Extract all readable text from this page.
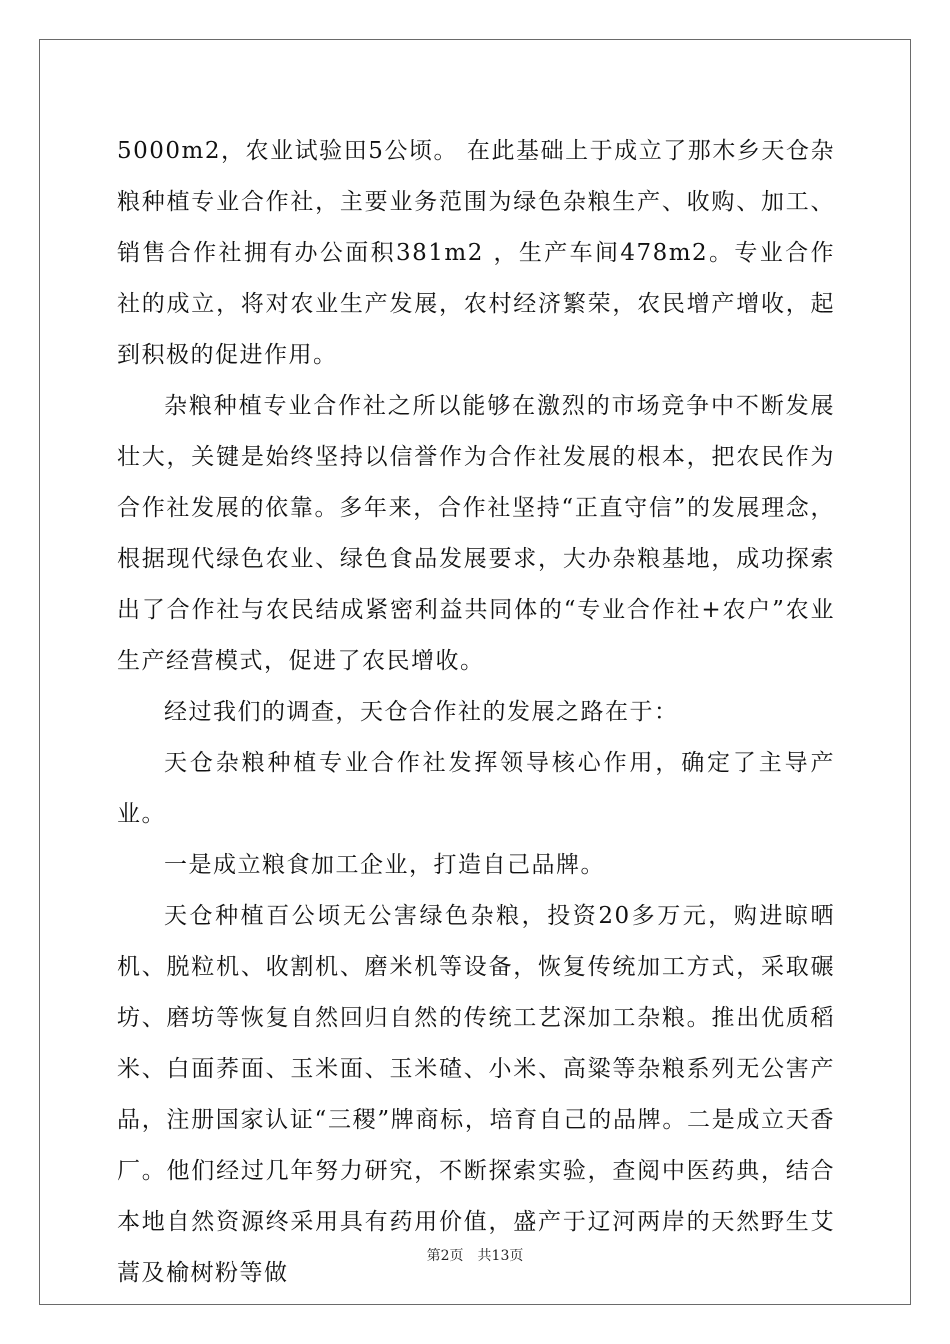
5000m2，农业试验田5公顷。 在此基础上于成立了那木乡天仓杂粮种植专业合作社，主要业务范围为绿色杂粮生产、收购、加工、销售合作社拥有办公面积381m2 ，生产车间478m2。专业合作社的成立，将对农业生产发展，农村经济繁荣，农民增产增收，起到积极的促进作用。

杂粮种植专业合作社之所以能够在激烈的市场竞争中不断发展壮大，关键是始终坚持以信誉作为合作社发展的根本，把农民作为合作社发展的依靠。多年来，合作社坚持“正直守信”的发展理念，根据现代绿色农业、绿色食品发展要求，大办杂粮基地，成功探索出了合作社与农民结成紧密利益共同体的“专业合作社+农户”农业生产经营模式，促进了农民增收。

经过我们的调查，天仓合作社的发展之路在于：

天仓杂粮种植专业合作社发挥领导核心作用，确定了主导产业。

一是成立粮食加工企业，打造自己品牌。

天仓种植百公顷无公害绿色杂粮，投资20多万元，购进晾晒机、脱粒机、收割机、磨米机等设备，恢复传统加工方式，采取碾坊、磨坊等恢复自然回归自然的传统工艺深加工杂粮。推出优质稻米、白面荞面、玉米面、玉米碴、小米、高粱等杂粮系列无公害产品，注册国家认证“三稷”牌商标，培育自己的品牌。二是成立天香厂。他们经过几年努力研究，不断探索实验，查阅中医药典，结合本地自然资源终采用具有药用价值，盛产于辽河两岸的天然野生艾蒿及榆树粉等做

第2页 共13页
